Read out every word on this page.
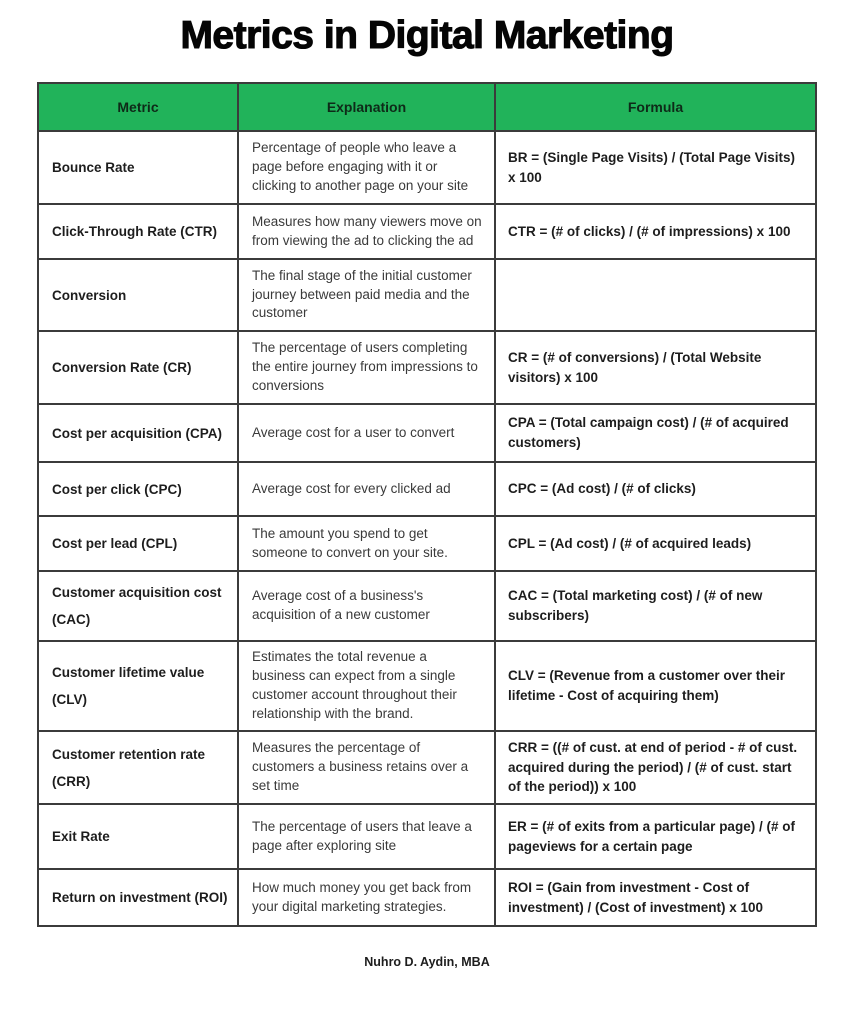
Metrics in Digital Marketing
Metric	Explanation	Formula
Bounce Rate	Percentage of people who leave a page before engaging with it or clicking to another page on your site	BR = (Single Page Visits) / (Total Page Visits) x 100
Click-Through Rate (CTR)	Measures how many viewers move on from viewing the ad to clicking the ad	CTR = (# of clicks) / (# of impressions) x 100
Conversion	The final stage of the initial customer journey between paid media and the customer	
Conversion Rate (CR)	The percentage of users completing the entire journey from impressions to conversions	CR = (# of conversions) / (Total Website visitors) x 100
Cost per acquisition (CPA)	Average cost for a user to convert	CPA = (Total campaign cost) / (# of acquired customers)
Cost per click (CPC)	Average cost for every clicked ad	CPC = (Ad cost) / (# of clicks)
Cost per lead (CPL)	The amount you spend to get someone to convert on your site.	CPL = (Ad cost) / (# of acquired leads)
Customer acquisition cost (CAC)	Average cost of a business's acquisition of a new customer	CAC = (Total marketing cost) / (# of new subscribers)
Customer lifetime value (CLV)	Estimates the total revenue a business can expect from a single customer account throughout their relationship with the brand.	CLV = (Revenue from a customer over their lifetime - Cost of acquiring them)
Customer retention rate (CRR)	Measures the percentage of customers a business retains over a set time	CRR = ((# of cust. at end of period - # of cust. acquired during the period) / (# of cust. start of the period)) x 100
Exit Rate	The percentage of users that leave a page after exploring site	ER = (# of exits from a particular page) / (# of pageviews for a certain page
Return on investment (ROI)	How much money you get back from your digital marketing strategies.	ROI = (Gain from investment - Cost of investment) / (Cost of investment) x 100
Nuhro D. Aydin, MBA
